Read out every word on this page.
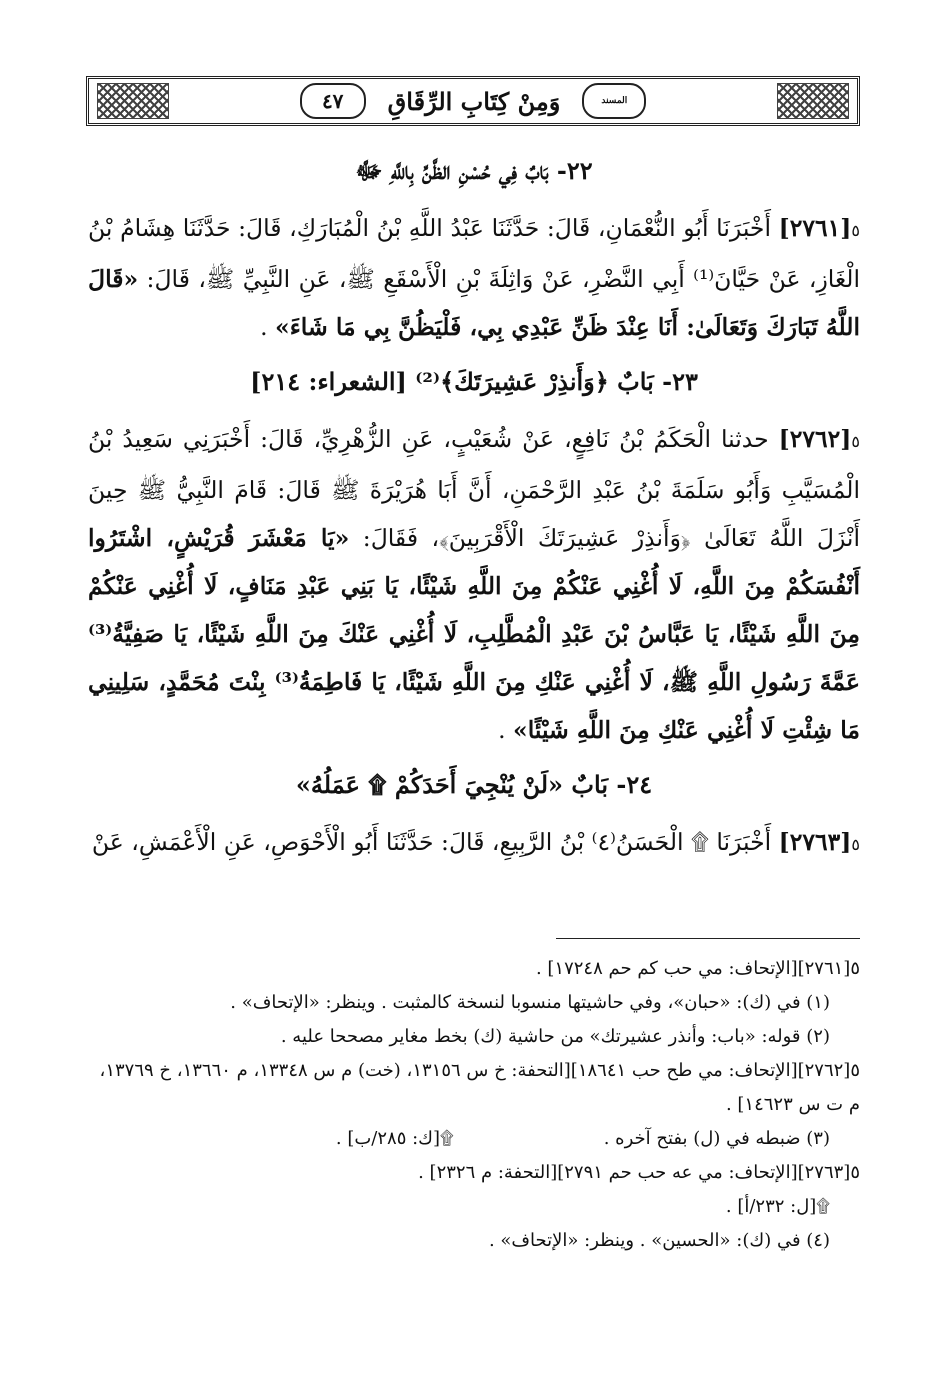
المسند
وَمِنْ كِتَابِ الرِّقَاقِ
٤٧
٢٢- بَابٌ فِي حُسْنِ الظَّنِّ بِاللَّهِ ﷻ

٥[٢٧٦١] أَخْبَرَنَا أَبُو النُّعْمَانِ، قَالَ: حَدَّثَنَا عَبْدُ اللَّهِ بْنُ الْمُبَارَكِ، قَالَ: حَدَّثَنَا هِشَامُ بْنُ الْغَازِ، عَنْ حَيَّانَ⁽¹⁾ أَبِي النَّضْرِ، عَنْ وَاثِلَةَ بْنِ الْأَسْقَعِ ﷺ، عَنِ النَّبِيِّ ﷺ، قَالَ: «قَالَ اللَّهُ تَبَارَكَ وَتَعَالَىٰ: أَنَا عِنْدَ ظَنِّ عَبْدِي بِي، فَلْيَظُنَّ بِي مَا شَاءَ» .

٢٣- بَابٌ ﴿وَأَنذِرْ عَشِيرَتَكَ﴾⁽²⁾ [الشعراء: ٢١٤]

٥[٢٧٦٢] حدثنا الْحَكَمُ بْنُ نَافِعٍ، عَنْ شُعَيْبٍ، عَنِ الزُّهْرِيِّ، قَالَ: أَخْبَرَنِي سَعِيدُ بْنُ الْمُسَيَّبِ وَأَبُو سَلَمَةَ بْنُ عَبْدِ الرَّحْمَنِ، أَنَّ أَبَا هُرَيْرَةَ ﷺ قَالَ: قَامَ النَّبِيُّ ﷺ حِينَ أَنْزَلَ اللَّهُ تَعَالَىٰ ﴿وَأَنذِرْ عَشِيرَتَكَ الْأَقْرَبِينَ﴾، فَقَالَ: «يَا مَعْشَرَ قُرَيْشٍ، اشْتَرُوا أَنْفُسَكُمْ مِنَ اللَّهِ، لَا أُغْنِي عَنْكُمْ مِنَ اللَّهِ شَيْئًا، يَا بَنِي عَبْدِ مَنَافٍ، لَا أُغْنِي عَنْكُمْ مِنَ اللَّهِ شَيْئًا، يَا عَبَّاسُ بْنَ عَبْدِ الْمُطَّلِبِ، لَا أُغْنِي عَنْكَ مِنَ اللَّهِ شَيْئًا، يَا صَفِيَّةُ⁽³⁾ عَمَّةَ رَسُولِ اللَّهِ ﷺ، لَا أُغْنِي عَنْكِ مِنَ اللَّهِ شَيْئًا، يَا فَاطِمَةُ⁽³⁾ بِنْتَ مُحَمَّدٍ، سَلِينِي مَا شِئْتِ لَا أُغْنِي عَنْكِ مِنَ اللَّهِ شَيْئًا» .

٢٤- بَابٌ «لَنْ يُنْجِيَ أَحَدَكُمْ ۩ عَمَلُهُ»

٥[٢٧٦٣] أَخْبَرَنَا ۩ الْحَسَنُ⁽٤⁾ بْنُ الرَّبِيعِ، قَالَ: حَدَّثَنَا أَبُو الْأَحْوَصِ، عَنِ الْأَعْمَشِ، عَنْ

٥[٢٧٦١][الإتحاف: مي حب كم حم ١٧٢٤٨] .

(١) في (ك): «حبان»، وفي حاشيتها منسوبا لنسخة كالمثبت . وينظر: «الإتحاف» .

(٢) قوله: «باب: وأنذر عشيرتك» من حاشية (ك) بخط مغاير مصححا عليه .

٥[٢٧٦٢][الإتحاف: مي طح حب ١٨٦٤١][التحفة: خ س ١٣١٥٦، (خت) م س ١٣٣٤٨، م ١٣٦٦٠، خ ١٣٧٦٩، م ت س ١٤٦٢٣] .

(٣) ضبطه في (ل) بفتح آخره .
۩[ك: ٢٨٥/ب] .

٥[٢٧٦٣][الإتحاف: مي عه حب حم ٢٧٩١][التحفة: م ٢٣٢٦] .

۩[ل: ٢٣٢/أ] .

(٤) في (ك): «الحسين» . وينظر: «الإتحاف» .
